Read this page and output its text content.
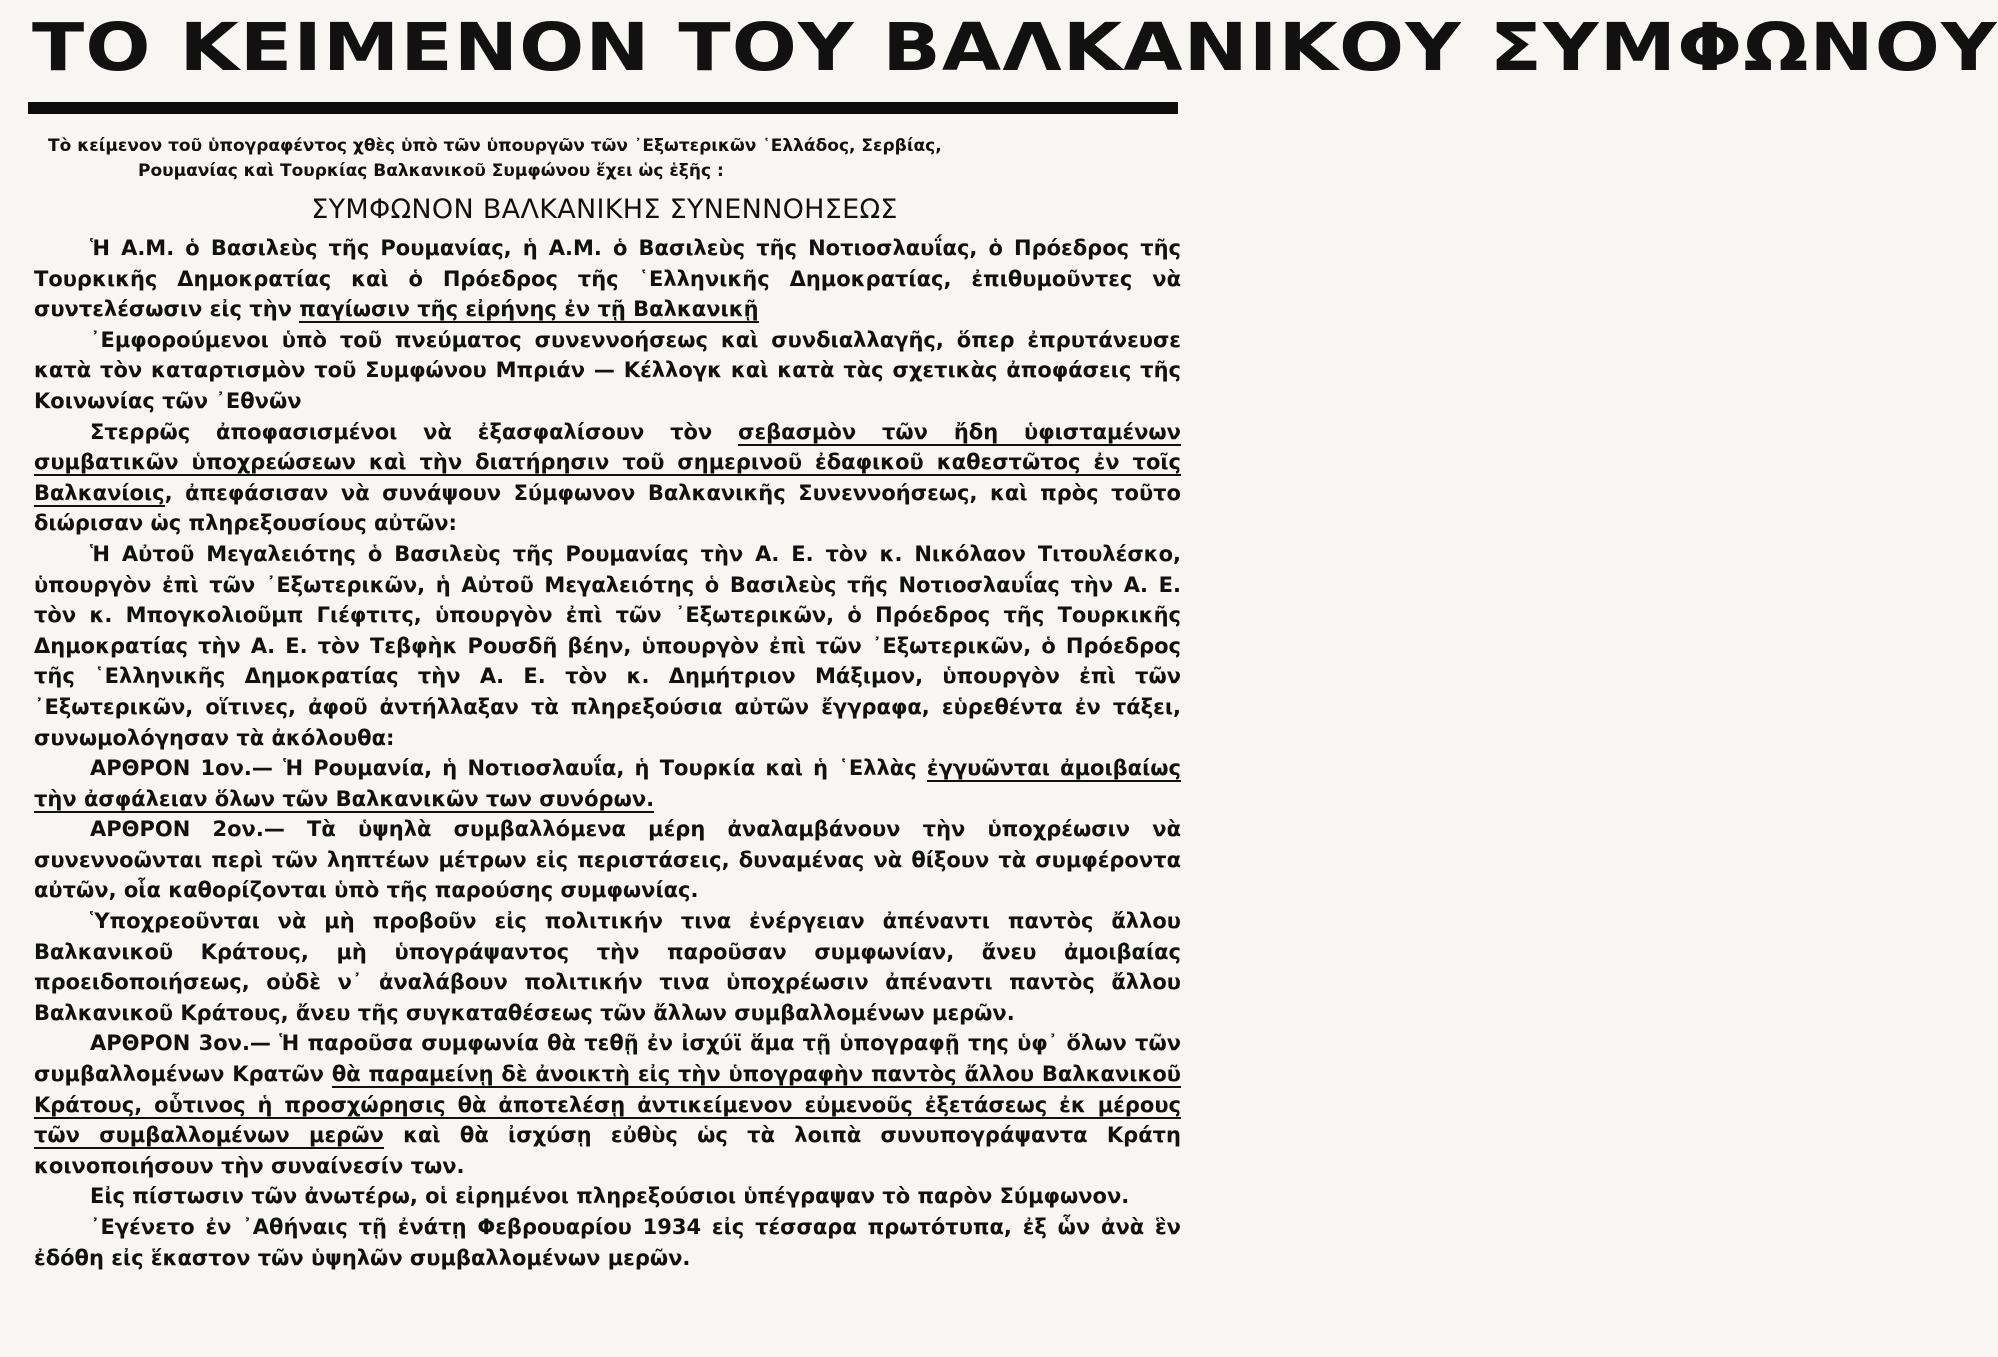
ΤΟ ΚΕΙΜΕΝΟΝ ΤΟΥ ΒΑΛΚΑΝΙΚΟΥ ΣΥΜΦΩΝΟΥ
Τὸ κείμενον τοῦ ὑπογραφέντος χθὲς ὑπὸ τῶν ὑπουργῶν τῶν ᾿Εξωτερικῶν ῾Ελλάδος, Σερβίας,
Ρουμανίας καὶ Τουρκίας Βαλκανικοῦ Συμφώνου ἔχει ὡς ἑξῆς :
ΣΥΜΦΩΝΟΝ ΒΑΛΚΑΝΙΚΗΣ ΣΥΝΕΝΝΟΗΣΕΩΣ

Ἡ Α.Μ. ὁ Βασιλεὺς τῆς Ρουμανίας, ἡ Α.Μ. ὁ Βασιλεὺς τῆς Νοτιοσλαυΐας, ὁ Πρόεδρος τῆς Τουρκικῆς Δημοκρατίας καὶ ὁ Πρόεδρος τῆς ῾Ελληνικῆς Δημοκρατίας, ἐπιθυμοῦντες νὰ συντελέσωσιν εἰς τὴν παγίωσιν τῆς εἰρήνης ἐν τῇ Βαλκανικῇ

᾿Εμφορούμενοι ὑπὸ τοῦ πνεύματος συνεννοήσεως καὶ συνδιαλλαγῆς, ὅπερ ἐπρυτάνευσε κατὰ τὸν καταρτισμὸν τοῦ Συμφώνου Μπριάν — Κέλλογκ καὶ κατὰ τὰς σχετικὰς ἀποφάσεις τῆς Κοινωνίας τῶν ᾿Εθνῶν

Στερρῶς ἀποφασισμένοι νὰ ἐξασφαλίσουν τὸν σεβασμὸν τῶν ἤδη ὑφισταμένων συμβατικῶν ὑποχρεώσεων καὶ τὴν διατήρησιν τοῦ σημερινοῦ ἐδαφικοῦ καθεστῶτος ἐν τοῖς Βαλκανίοις, ἀπεφάσισαν νὰ συνάψουν Σύμφωνον Βαλκανικῆς Συνεννοήσεως, καὶ πρὸς τοῦτο διώρισαν ὡς πληρεξουσίους αὐτῶν:

Ἡ Αὐτοῦ Μεγαλειότης ὁ Βασιλεὺς τῆς Ρουμανίας τὴν Α. Ε. τὸν κ. Νικόλαον Τιτουλέσκο, ὑπουργὸν ἐπὶ τῶν ᾿Εξωτερικῶν, ἡ Αὐτοῦ Μεγαλειότης ὁ Βασιλεὺς τῆς Νοτιοσλαυΐας τὴν Α. Ε. τὸν κ. Μπογκολιοῦμπ Γιέφτιτς, ὑπουργὸν ἐπὶ τῶν ᾿Εξωτερικῶν, ὁ Πρόεδρος τῆς Τουρκικῆς Δημοκρατίας τὴν Α. Ε. τὸν Τεβφὴκ Ρουσδῆ βέην, ὑπουργὸν ἐπὶ τῶν ᾿Εξωτερικῶν, ὁ Πρόεδρος τῆς ῾Ελληνικῆς Δημοκρατίας τὴν Α. Ε. τὸν κ. Δημήτριον Μάξιμον, ὑπουργὸν ἐπὶ τῶν ᾿Εξωτερικῶν, οἵτινες, ἀφοῦ ἀντήλλαξαν τὰ πληρεξούσια αὐτῶν ἔγγραφα, εὑρεθέντα ἐν τάξει, συνωμολόγησαν τὰ ἀκόλουθα:

ΑΡΘΡΟΝ 1ον.— Ἡ Ρουμανία, ἡ Νοτιοσλαυΐα, ἡ Τουρκία καὶ ἡ ῾Ελλὰς ἐγγυῶνται ἀμοιβαίως τὴν ἀσφάλειαν ὅλων τῶν Βαλκανικῶν των συνόρων.

ΑΡΘΡΟΝ 2ον.— Τὰ ὑψηλὰ συμβαλλόμενα μέρη ἀναλαμβάνουν τὴν ὑποχρέωσιν νὰ συνεννοῶνται περὶ τῶν ληπτέων μέτρων εἰς περιστάσεις, δυναμένας νὰ θίξουν τὰ συμφέροντα αὐτῶν, οἷα καθορίζονται ὑπὸ τῆς παρούσης συμφωνίας.

Ὑποχρεοῦνται νὰ μὴ προβοῦν εἰς πολιτικήν τινα ἐνέργειαν ἀπέναντι παντὸς ἄλλου Βαλκανικοῦ Κράτους, μὴ ὑπογράψαντος τὴν παροῦσαν συμφωνίαν, ἄνευ ἀμοιβαίας προειδοποιήσεως, οὐδὲ ν᾿ ἀναλάβουν πολιτικήν τινα ὑποχρέωσιν ἀπέναντι παντὸς ἄλλου Βαλκανικοῦ Κράτους, ἄνευ τῆς συγκαταθέσεως τῶν ἄλλων συμβαλλομένων μερῶν.

ΑΡΘΡΟΝ 3ον.— Ἡ παροῦσα συμφωνία θὰ τεθῇ ἐν ἰσχύϊ ἅμα τῇ ὑπογραφῇ της ὑφ᾿ ὅλων τῶν συμβαλλομένων Κρατῶν θὰ παραμείνῃ δὲ ἀνοικτὴ εἰς τὴν ὑπογραφὴν παντὸς ἄλλου Βαλκανικοῦ Κράτους, οὗτινος ἡ προσχώρησις θὰ ἀποτελέσῃ ἀντικείμενον εὐμενοῦς ἐξετάσεως ἐκ μέρους τῶν συμβαλλομένων μερῶν καὶ θὰ ἰσχύσῃ εὐθὺς ὡς τὰ λοιπὰ συνυπογράψαντα Κράτη κοινοποιήσουν τὴν συναίνεσίν των.

Εἰς πίστωσιν τῶν ἀνωτέρω, οἱ εἰρημένοι πληρεξούσιοι ὑπέγραψαν τὸ παρὸν Σύμφωνον.

᾿Εγένετο ἐν ᾿Αθήναις τῇ ἐνάτῃ Φεβρουαρίου 1934 εἰς τέσσαρα πρωτότυπα, ἐξ ὧν ἀνὰ ἓν ἐδόθη εἰς ἕκαστον τῶν ὑψηλῶν συμβαλλομένων μερῶν.
